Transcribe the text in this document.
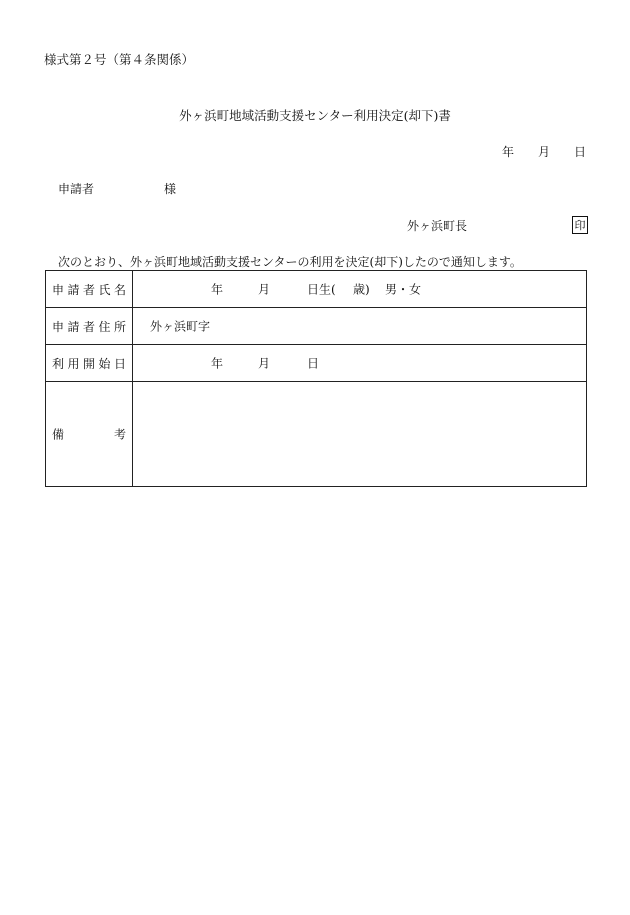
様式第２号（第４条関係）
外ヶ浜町地域活動支援センター利用決定(却下)書
年 月 日
申請者	様
外ヶ浜町長	印
次のとおり、外ヶ浜町地域活動支援センターの利用を決定(却下)したので通知します。
申 請 者 氏 名	年 月 日生( 歳) 男・女

申 請 者 住 所	外ヶ浜町字

利 用 開 始 日	年 月 日

備 考	
